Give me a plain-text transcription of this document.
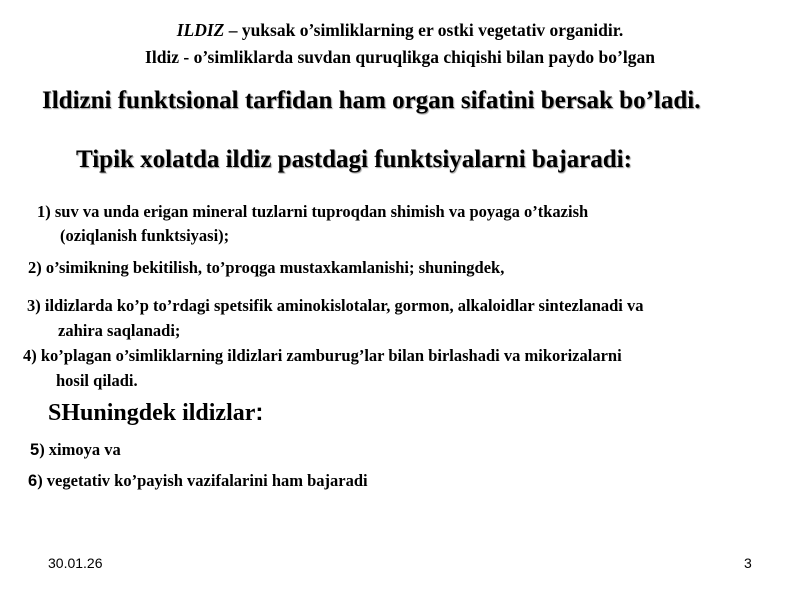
ILDIZ – yuksak o’simliklarning er ostki vegetativ organidir.
Ildiz - o’simliklarda suvdan quruqlikga chiqishi bilan paydo bo’lgan
Ildizni funktsional tarfidan ham organ sifatini bersak bo’ladi.
Tipik xolatda ildiz pastdagi funktsiyalarni bajaradi:
1) suv va unda erigan mineral tuzlarni tuproqdan shimish va poyaga o’tkazish
(oziqlanish funktsiyasi);
2) o’simikning bekitilish, to’proqga mustaxkamlanishi; shuningdek,
3) ildizlarda ko’p to’rdagi spetsifik aminokislotalar, gormon, alkaloidlar sintezlanadi va
zahira saqlanadi;
4) ko’plagan o’simliklarning ildizlari zamburug’lar bilan birlashadi va mikorizalarni
hosil qiladi.
SHuningdek ildizlar:
5) ximoya va
6) vegetativ ko’payish vazifalarini ham bajaradi
30.01.26	3
